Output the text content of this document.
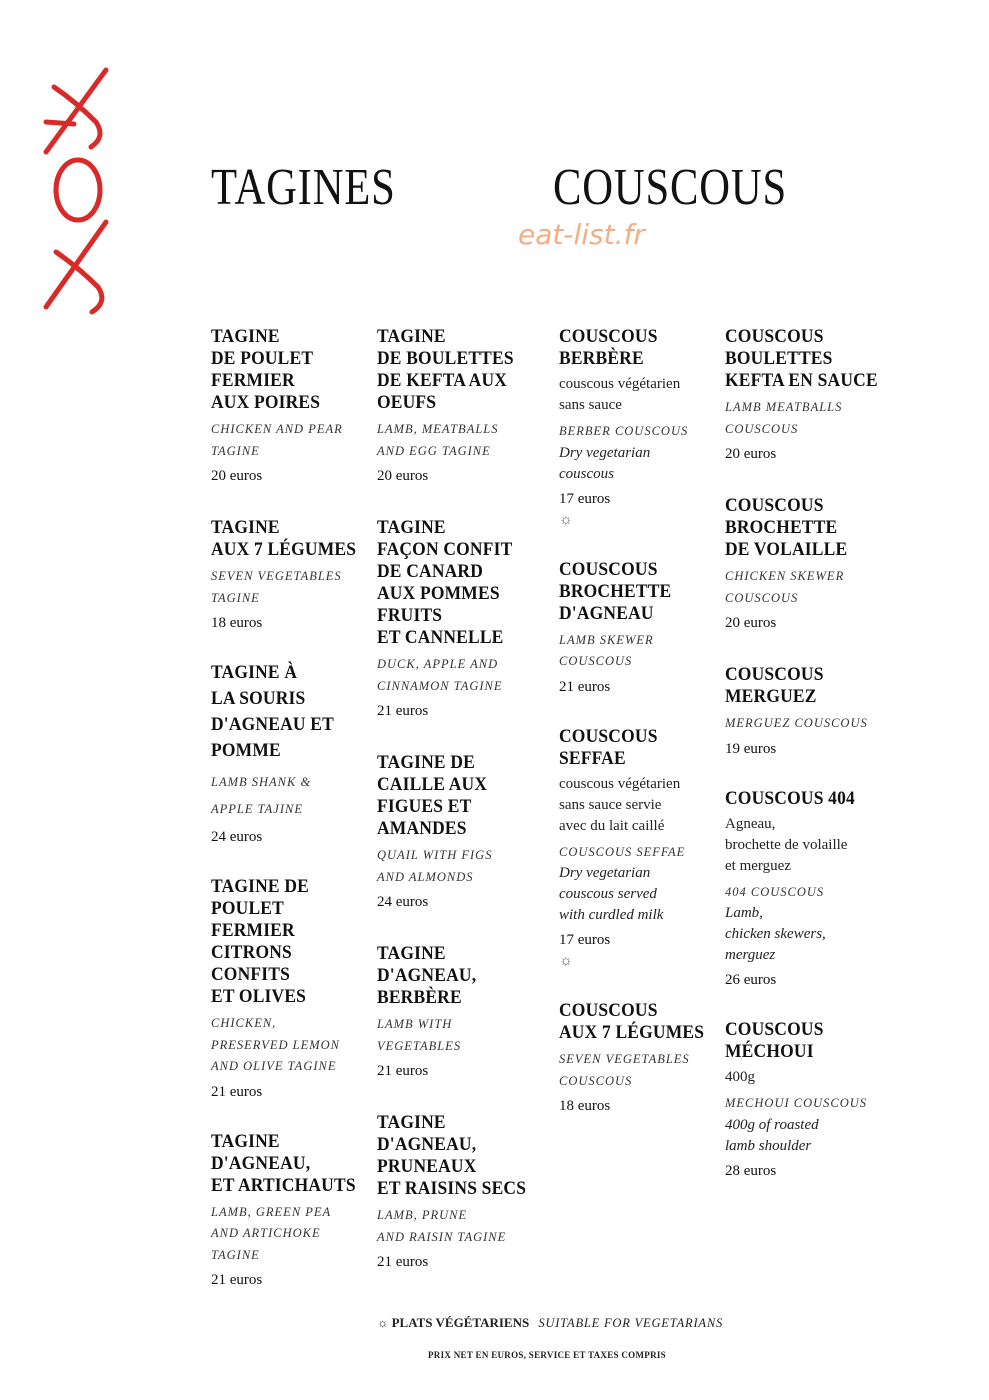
TAGINES	COUSCOUS
eat-list.fr
TAGINE
DE POULET
FERMIER
AUX POIRES
CHICKEN AND PEAR
TAGINE
20 euros
TAGINE
AUX 7 LÉGUMES
SEVEN VEGETABLES
TAGINE
18 euros
TAGINE À
LA SOURIS
D'AGNEAU ET
POMME
LAMB SHANK &
APPLE TAJINE
24 euros
TAGINE DE
POULET FERMIER
CITRONS CONFITS
ET OLIVES
CHICKEN,
PRESERVED LEMON
AND OLIVE TAGINE
21 euros
TAGINE
D'AGNEAU,
ET ARTICHAUTS
LAMB, GREEN PEA
AND ARTICHOKE
TAGINE
21 euros
TAGINE
DE BOULETTES
DE KEFTA AUX
OEUFS
LAMB, MEATBALLS
AND EGG TAGINE
20 euros
TAGINE
FAÇON CONFIT
DE CANARD
AUX POMMES
FRUITS
ET CANNELLE
DUCK, APPLE AND
CINNAMON TAGINE
21 euros
TAGINE DE
CAILLE AUX
FIGUES ET
AMANDES
QUAIL WITH FIGS
AND ALMONDS
24 euros
TAGINE
D'AGNEAU,
BERBÈRE
LAMB WITH
VEGETABLES
21 euros
TAGINE
D'AGNEAU,
PRUNEAUX
ET RAISINS SECS
LAMB, PRUNE
AND RAISIN TAGINE
21 euros
COUSCOUS
BERBÈRE
couscous végétarien
sans sauce
BERBER COUSCOUS
Dry vegetarian
couscous
17 euros
☼
COUSCOUS
BROCHETTE
D'AGNEAU
LAMB SKEWER
COUSCOUS
21 euros
COUSCOUS
SEFFAE
couscous végétarien
sans sauce servie
avec du lait caillé
COUSCOUS SEFFAE
Dry vegetarian
couscous served
with curdled milk
17 euros
☼
COUSCOUS
AUX 7 LÉGUMES
SEVEN VEGETABLES
COUSCOUS
18 euros
COUSCOUS
BOULETTES
KEFTA EN SAUCE
LAMB MEATBALLS
COUSCOUS
20 euros
COUSCOUS
BROCHETTE
DE VOLAILLE
CHICKEN SKEWER
COUSCOUS
20 euros
COUSCOUS
MERGUEZ
MERGUEZ COUSCOUS
19 euros
COUSCOUS 404
Agneau,
brochette de volaille
et merguez
404 COUSCOUS
Lamb,
chicken skewers,
merguez
26 euros
COUSCOUS
MÉCHOUI
400g
MECHOUI COUSCOUS
400g of roasted
lamb shoulder
28 euros
☼ PLATS VÉGÉTARIENS SUITABLE FOR VEGETARIANS
PRIX NET EN EUROS, SERVICE ET TAXES COMPRIS
